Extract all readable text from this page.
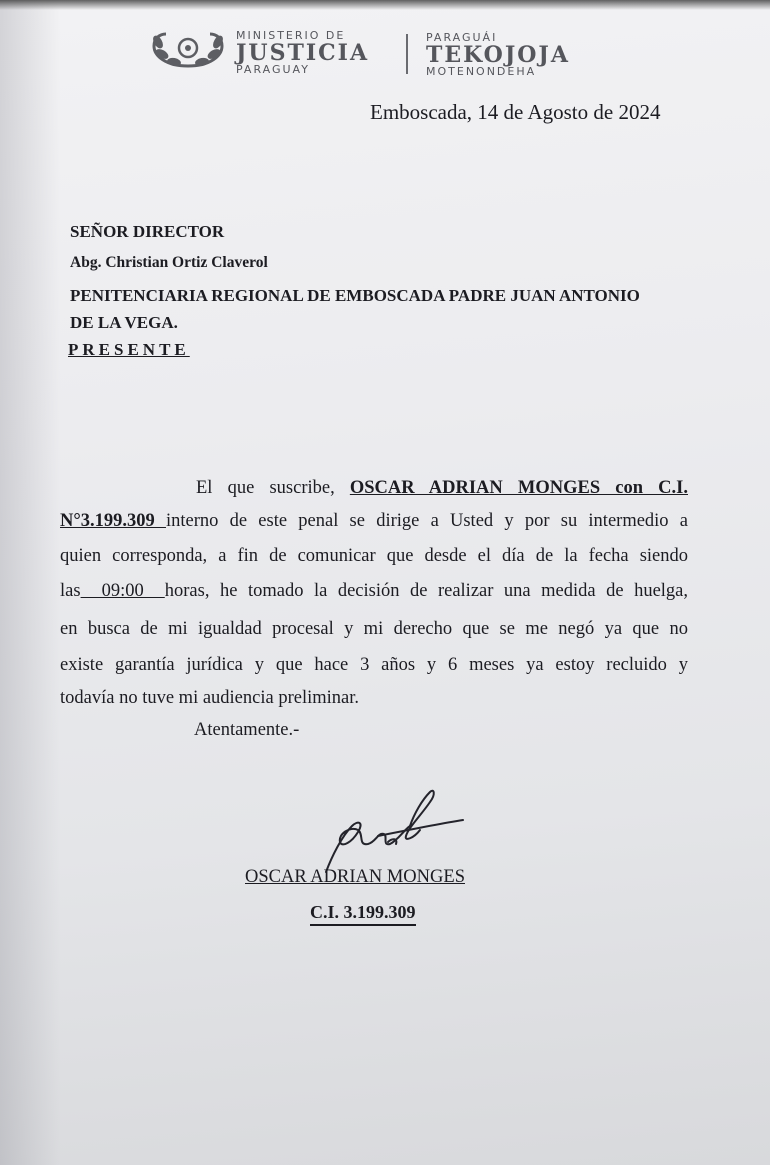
MINISTERIO DE
JUSTICIA
PARAGUAY
PARAGUÁI
TEKOJOJA
MOTENONDEHA
Emboscada, 14 de Agosto de 2024
SEÑOR DIRECTOR
Abg. Christian Ortiz Claverol
PENITENCIARIA REGIONAL DE EMBOSCADA PADRE JUAN ANTONIO
DE LA VEGA.
PRESENTE
El que suscribe, OSCAR ADRIAN MONGES con C.I.
N°3.199.309 interno de este penal se dirige a Usted y por su intermedio a
quien corresponda, a fin de comunicar que desde el día de la fecha siendo
las  09:00  horas, he tomado la decisión de realizar una medida de huelga,
en busca de mi igualdad procesal y mi derecho que se me negó ya que no
existe garantía jurídica y que hace 3 años y 6 meses ya estoy recluido y
todavía no tuve mi audiencia preliminar.
Atentamente.-
OSCAR ADRIAN MONGES
C.I. 3.199.309
